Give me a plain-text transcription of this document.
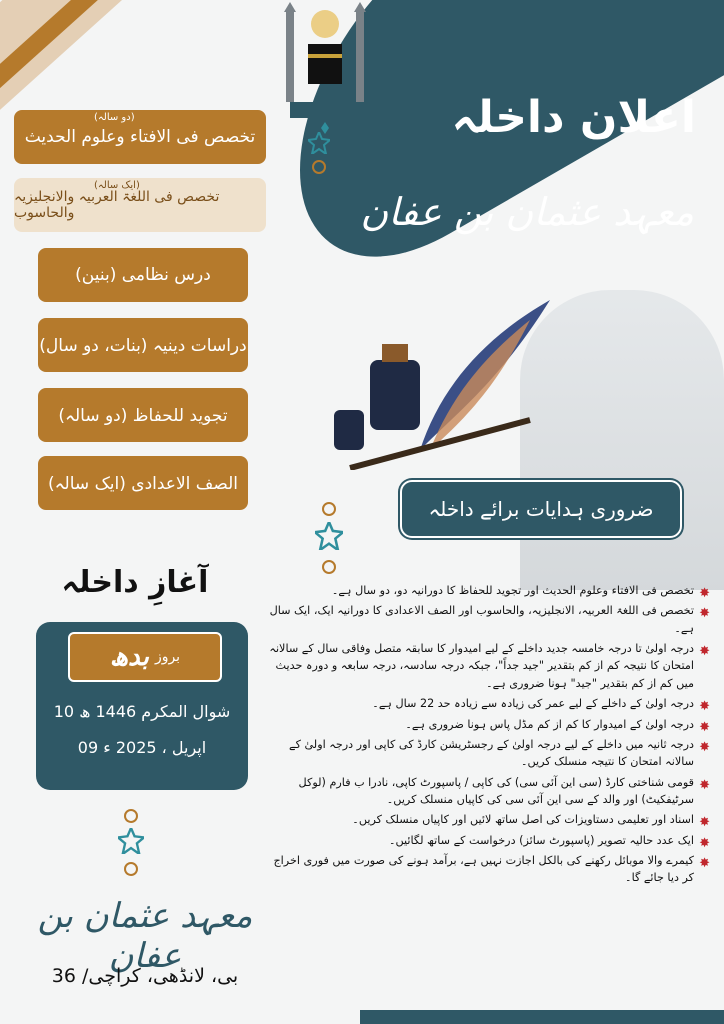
اعلان داخلہ
معہد عثمان بن عفان
ضروری ہدایات برائے داخلہ
(دو سالہ)
تخصص فی الافتاء وعلوم الحدیث
(ایک سالہ)
تخصص فی اللغۃ العربیہ والانجلیزیہ والحاسوب
درس نظامی (بنین)
دراسات دینیہ (بنات، دو سال)
تجوید للحفاظ (دو سالہ)
الصف الاعدادی (ایک سالہ)
آغازِ داخلہ
بدھ بروز
10 شوال المکرم 1446 ھ
09 اپریل ، 2025 ء
معہد عثمان بن عفان
36 /بی، لانڈھی، کراچی
✸
تخصص فی الافتاء وعلوم الحدیث اور تجوید للحفاظ کا دورانیہ دو، دو سال ہے۔
✸
تخصص فی اللغۃ العربیہ، الانجلیزیہ، والحاسوب اور الصف الاعدادی کا دورانیہ ایک، ایک سال ہے۔
✸
درجہ اولیٰ تا درجہ خامسہ جدید داخلے کے لیے امیدوار کا سابقہ متصل وفاقی سال کے سالانہ امتحان کا نتیجہ کم از کم بتقدیر "جید جداً"، جبکہ درجہ سادسہ، درجہ سابعہ و دورہ حدیث میں کم از کم بتقدیر "جید" ہونا ضروری ہے۔
✸
درجہ اولیٰ کے داخلے کے لیے عمر کی زیادہ سے زیادہ حد 22 سال ہے۔
✸
درجہ اولیٰ کے امیدوار کا کم از کم مڈل پاس ہونا ضروری ہے۔
✸
درجہ ثانیہ میں داخلے کے لیے درجہ اولیٰ کے رجسٹریشن کارڈ کی کاپی اور درجہ اولیٰ کے سالانہ امتحان کا نتیجہ منسلک کریں۔
✸
قومی شناختی کارڈ (سی این آئی سی) کی کاپی / پاسپورٹ کاپی، نادرا ب فارم (لوکل سرٹیفکیٹ) اور والد کے سی این آئی سی کی کاپیاں منسلک کریں۔
✸
اسناد اور تعلیمی دستاویزات کی اصل ساتھ لائیں اور کاپیاں منسلک کریں۔
✸
ایک عدد حالیہ تصویر (پاسپورٹ سائز) درخواست کے ساتھ لگائیں۔
✸
کیمرے والا موبائل رکھنے کی بالکل اجازت نہیں ہے، برآمد ہونے کی صورت میں فوری اخراج کر دیا جائے گا۔
